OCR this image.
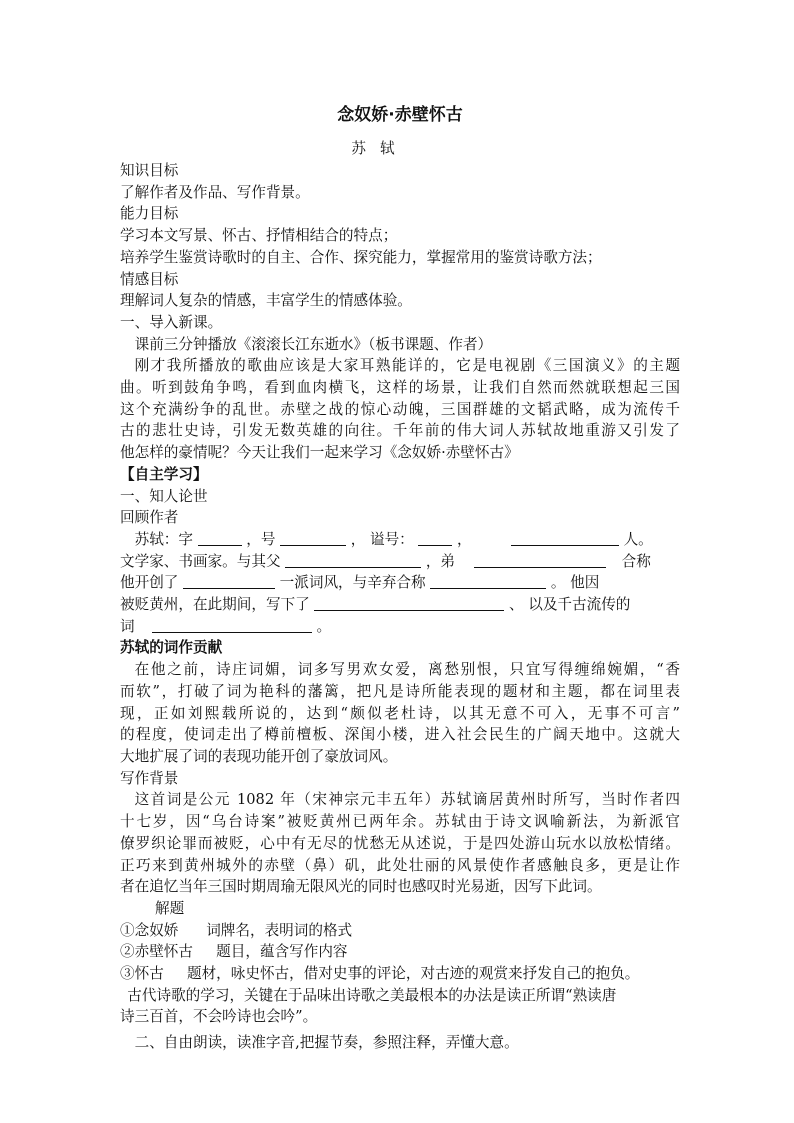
念奴娇·赤壁怀古
苏轼

知识目标

了解作者及作品、写作背景。

能力目标

学习本文写景、怀古、抒情相结合的特点；

培养学生鉴赏诗歌时的自主、合作、探究能力，掌握常用的鉴赏诗歌方法；

情感目标

理解词人复杂的情感，丰富学生的情感体验。

一、导入新课。

课前三分钟播放《滚滚长江东逝水》（板书课题、作者）

刚才我所播放的歌曲应该是大家耳熟能详的，它是电视剧《三国演义》的主题

曲。听到鼓角争鸣，看到血肉横飞，这样的场景，让我们自然而然就联想起三国

这个充满纷争的乱世。赤壁之战的惊心动魄，三国群雄的文韬武略，成为流传千

古的悲壮史诗，引发无数英雄的向往。千年前的伟大词人苏轼故地重游又引发了

他怎样的豪情呢？今天让我们一起来学习《念奴娇·赤壁怀古》

【自主学习】

一、知人论世

回顾作者

苏轼：字	，号	， 谥号：	，	人。

文学家、书画家。与其父	，弟	合称

他开创了	一派词风，与辛弃合称	。 他因

被贬黄州，在此期间，写下了	、 以及千古流传的

词	。

苏轼的词作贡献

在他之前，诗庄词媚，词多写男欢女爱，离愁别恨，只宜写得缠绵婉媚，“香

而软”，打破了词为艳科的藩篱，把凡是诗所能表现的题材和主题，都在词里表

现，正如刘熙载所说的，达到“颇似老杜诗，以其无意不可入，无事不可言”

的程度，使词走出了樽前檀板、深闺小楼，进入社会民生的广阔天地中。这就大

大地扩展了词的表现功能开创了豪放词风。

写作背景

这首词是公元 1082 年（宋神宗元丰五年）苏轼谪居黄州时所写，当时作者四

十七岁，因“乌台诗案”被贬黄州已两年余。苏轼由于诗文讽喻新法，为新派官

僚罗织论罪而被贬，心中有无尽的忧愁无从述说，于是四处游山玩水以放松情绪。

正巧来到黄州城外的赤壁（鼻）矶，此处壮丽的风景使作者感触良多，更是让作

者在追忆当年三国时期周瑜无限风光的同时也感叹时光易逝，因写下此词。

解题

①念奴娇      词牌名，表明词的格式

②赤壁怀古     题目，蕴含写作内容

③怀古     题材，咏史怀古，借对史事的评论，对古迹的观赏来抒发自己的抱负。

古代诗歌的学习，关键在于品味出诗歌之美最根本的办法是读正所谓“熟读唐

诗三百首，不会吟诗也会吟”。

二、自由朗读，读准字音,把握节奏，参照注释，弄懂大意。
